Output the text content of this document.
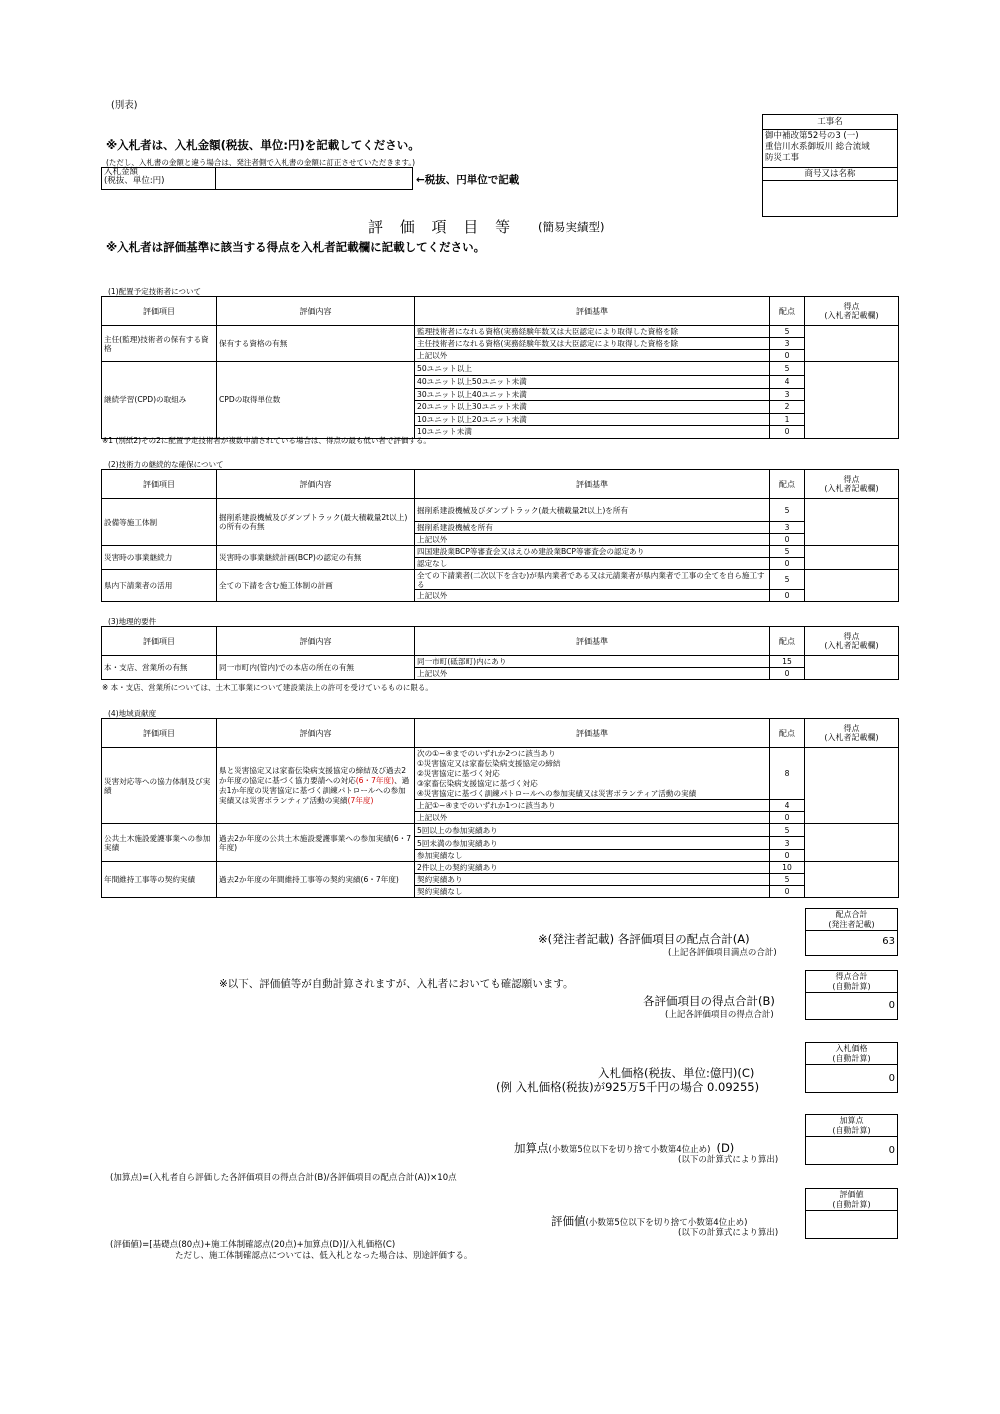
(別表)
※入札者は、入札金額(税抜、単位:円)を記載してください。
(ただし、入札書の金額と違う場合は、発注者側で入札書の金額に訂正させていただきます。)
入札金額
(税抜、単位:円)	←税抜、円単位で記載
工事名
御中補改第52号の3 (一)
重信川水系御坂川 総合流域
防災工事
商号又は名称
評 価 項 目 等 (簡易実績型)
※入札者は評価基準に該当する得点を入札者記載欄に記載してください。
(1)配置予定技術者について
評価項目	評価内容	評価基準	配点	得点
(入札者記載欄)
主任(監理)技術者の保有する資格	保有する資格の有無	監理技術者になれる資格(実務経験年数又は大臣認定により取得した資格を除	5	
		主任技術者になれる資格(実務経験年数又は大臣認定により取得した資格を除	3	
		上記以外	0	
継続学習(CPD)の取組み	CPDの取得単位数	50ユニット以上	5	
		40ユニット以上50ユニット未満	4	
		30ユニット以上40ユニット未満	3	
		20ユニット以上30ユニット未満	2	
		10ユニット以上20ユニット未満	1	
		10ユニット未満	0	
※1 (別紙2)その2に配置予定技術者が複数申請されている場合は、得点の最も低い者で評価する。
(2)技術力の継続的な確保について
評価項目	評価内容	評価基準	配点	得点
(入札者記載欄)
設備等施工体制	掘削系建設機械及びダンプトラック(最大積載量2t以上)の所有の有無	掘削系建設機械及びダンプトラック(最大積載量2t以上)を所有	5	
		掘削系建設機械を所有	3	
		上記以外	0	
災害時の事業継続力	災害時の事業継続計画(BCP)の認定の有無	四国建設業BCP等審査会又はえひめ建設業BCP等審査会の認定あり	5	
		認定なし	0	
県内下請業者の活用	全ての下請を含む施工体制の計画	全ての下請業者(二次以下を含む)が県内業者である又は元請業者が県内業者で工事の全てを自ら施工する	5	
		上記以外	0	
(3)地理的要件
評価項目	評価内容	評価基準	配点	得点
(入札者記載欄)
本・支店、営業所の有無	同一市町内(管内)での本店の所在の有無	同一市町(砥部町)内にあり	15	
		上記以外	0	
※ 本・支店、営業所については、土木工事業について建設業法上の許可を受けているものに限る。
(4)地域貢献度
評価項目	評価内容	評価基準	配点	得点
(入札者記載欄)
災害対応等への協力体制及び実績	県と災害協定又は家畜伝染病支援協定の締結及び過去2か年度の協定に基づく協力要請への対応(6・7年度)、過去1か年度の災害協定に基づく訓練パトロールへの参加実績又は災害ボランティア活動の実績(7年度)	次の①~④までのいずれか2つに該当あり
①災害協定又は家畜伝染病支援協定の締結
②災害協定に基づく対応
③家畜伝染病支援協定に基づく対応
④災害協定に基づく訓練パトロールへの参加実績又は災害ボランティア活動の実績	8	
		上記①~④までのいずれか1つに該当あり	4	
		上記以外	0	
公共土木施設愛護事業への参加実績	過去2か年度の公共土木施設愛護事業への参加実績(6・7年度)	5回以上の参加実績あり	5	
		5回未満の参加実績あり	3	
		参加実績なし	0	
年間維持工事等の契約実績	過去2か年度の年間維持工事等の契約実績(6・7年度)	2件以上の契約実績あり	10	
		契約実績あり	5	
		契約実績なし	0	
配点合計
(発注者記載)
63
※(発注者記載) 各評価項目の配点合計(A)
(上記各評価項目満点の合計)
※以下、評価値等が自動計算されますが、入札者においても確認願います。
得点合計
(自動計算)
0
各評価項目の得点合計(B)
(上記各評価項目の得点合計)
入札価格
(自動計算)
0
入札価格(税抜、単位:億円)(C)
(例 入札価格(税抜)が925万5千円の場合 0.09255)
加算点
(自動計算)
0
加算点(小数第5位以下を切り捨て小数第4位止め) (D)
(以下の計算式により算出)
(加算点)=(入札者自ら評価した各評価項目の得点合計(B)/各評価項目の配点合計(A))×10点
評価値
(自動計算)
評価値(小数第5位以下を切り捨て小数第4位止め)
(以下の計算式により算出)
(評価値)=[基礎点(80点)+施工体制確認点(20点)+加算点(D)]/入札価格(C)
ただし、施工体制確認点については、低入札となった場合は、別途評価する。
